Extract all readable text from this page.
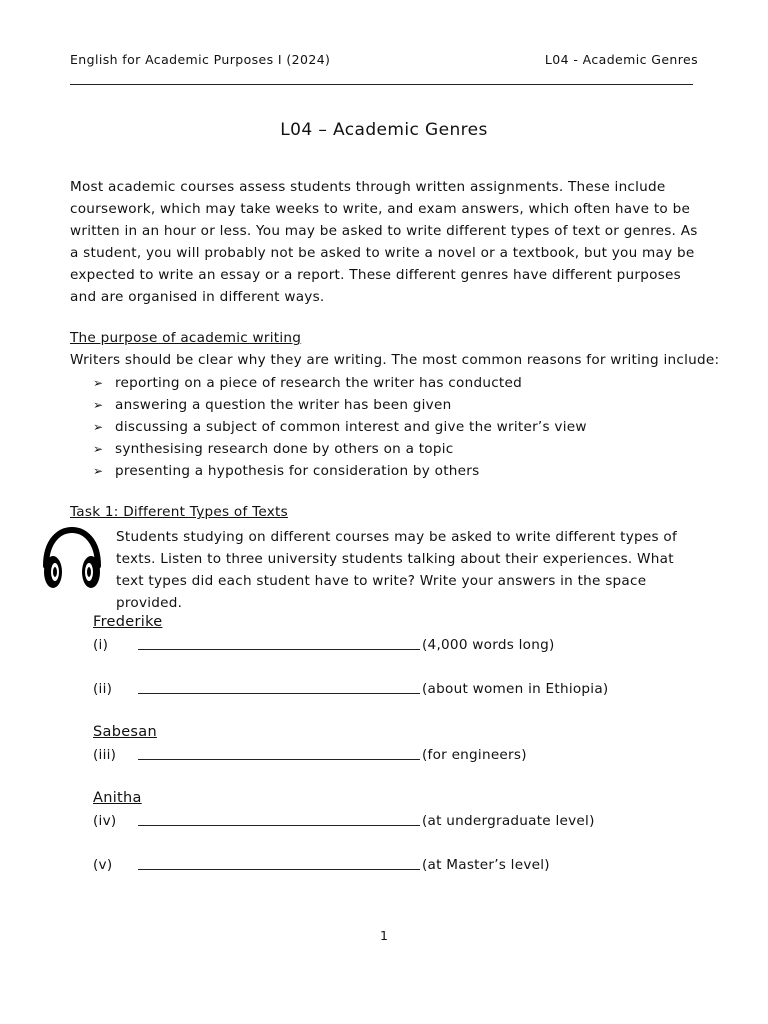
English for Academic Purposes I (2024)	L04 - Academic Genres
L04 – Academic Genres

Most academic courses assess students through written assignments. These include coursework, which may take weeks to write, and exam answers, which often have to be written in an hour or less. You may be asked to write different types of text or genres. As a student, you will probably not be asked to write a novel or a textbook, but you may be expected to write an essay or a report. These different genres have different purposes and are organised in different ways.

The purpose of academic writing
Writers should be clear why they are writing. The most common reasons for writing include:
➢ reporting on a piece of research the writer has conducted
➢ answering a question the writer has been given
➢ discussing a subject of common interest and give the writer’s view
➢ synthesising research done by others on a topic
➢ presenting a hypothesis for consideration by others
Task 1: Different Types of Texts

Students studying on different courses may be asked to write different types of texts. Listen to three university students talking about their experiences. What text types did each student have to write? Write your answers in the space provided.

Frederike
(i)	(4,000 words long)
(ii)	(about women in Ethiopia)
Sabesan
(iii)	(for engineers)
Anitha
(iv)	(at undergraduate level)
(v)	(at Master’s level)
1
